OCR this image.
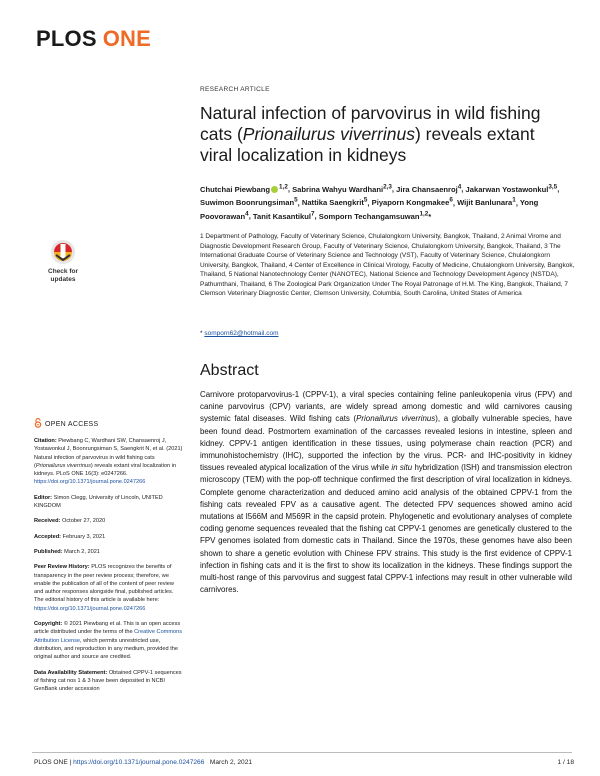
PLOS ONE
RESEARCH ARTICLE
Natural infection of parvovirus in wild fishing cats (Prionailurus viverrinus) reveals extant viral localization in kidneys
Chutchai Piewbang $^{1,2}$, Sabrina Wahyu Wardhani$^{2,3}$, Jira Chansaenroj$^4$, Jakarwan Yostawonkul$^{3,5}$, Suwimon Boonrungsiman$^5$, Nattika Saengkrit$^5$, Piyaporn Kongmakee$^6$, Wijit Banlunara$^1$, Yong Poovorawan$^4$, Tanit Kasantikul$^7$, Somporn Techangamsuwan$^{1,2}$*
1 Department of Pathology, Faculty of Veterinary Science, Chulalongkorn University, Bangkok, Thailand, 2 Animal Virome and Diagnostic Development Research Group, Faculty of Veterinary Science, Chulalongkorn University, Bangkok, Thailand, 3 The International Graduate Course of Veterinary Science and Technology (VST), Faculty of Veterinary Science, Chulalongkorn University, Bangkok, Thailand, 4 Center of Excellence in Clinical Virology, Faculty of Medicine, Chulalongkorn University, Bangkok, Thailand, 5 National Nanotechnology Center (NANOTEC), National Science and Technology Development Agency (NSTDA), Pathumthani, Thailand, 6 The Zoological Park Organization Under The Royal Patronage of H.M. The King, Bangkok, Thailand, 7 Clemson Veterinary Diagnostic Center, Clemson University, Columbia, South Carolina, United States of America
* somporn62@hotmail.com
Check for
updates
OPEN ACCESS

Citation: Piewbang C, Wardhani SW, Chansaenroj J, Yostawonkul J, Boonrungsiman S, Saengkrit N, et al. (2021) Natural infection of parvovirus in wild fishing cats (Prionailurus viverrinus) reveals extant viral localization in kidneys. PLoS ONE 16(3): e0247266. https://doi.org/10.1371/journal.pone.0247266

Editor: Simon Clegg, University of Lincoln, UNITED KINGDOM

Received: October 27, 2020

Accepted: February 3, 2021

Published: March 2, 2021

Peer Review History: PLOS recognizes the benefits of transparency in the peer review process; therefore, we enable the publication of all of the content of peer review and author responses alongside final, published articles. The editorial history of this article is available here: https://doi.org/10.1371/journal.pone.0247266

Copyright: © 2021 Piewbang et al. This is an open access article distributed under the terms of the Creative Commons Attribution License, which permits unrestricted use, distribution, and reproduction in any medium, provided the original author and source are credited.

Data Availability Statement: Obtained CPPV-1 sequences of fishing cat nos 1 & 3 have been deposited in NCBI GenBank under accession

Abstract
Carnivore protoparvovirus-1 (CPPV-1), a viral species containing feline panleukopenia virus (FPV) and canine parvovirus (CPV) variants, are widely spread among domestic and wild carnivores causing systemic fatal diseases. Wild fishing cats (Prionailurus viverrinus), a globally vulnerable species, have been found dead. Postmortem examination of the carcasses revealed lesions in intestine, spleen and kidney. CPPV-1 antigen identification in these tissues, using polymerase chain reaction (PCR) and immunohistochemistry (IHC), supported the infection by the virus. PCR- and IHC-positivity in kidney tissues revealed atypical localization of the virus while in situ hybridization (ISH) and transmission electron microscopy (TEM) with the pop-off technique confirmed the first description of viral localization in kidneys. Complete genome characterization and deduced amino acid analysis of the obtained CPPV-1 from the fishing cats revealed FPV as a causative agent. The detected FPV sequences showed amino acid mutations at I566M and M569R in the capsid protein. Phylogenetic and evolutionary analyses of complete coding genome sequences revealed that the fishing cat CPPV-1 genomes are genetically clustered to the FPV genomes isolated from domestic cats in Thailand. Since the 1970s, these genomes have also been shown to share a genetic evolution with Chinese FPV strains. This study is the first evidence of CPPV-1 infection in fishing cats and it is the first to show its localization in the kidneys. These findings support the multi-host range of this parvovirus and suggest fatal CPPV-1 infections may result in other vulnerable wild carnivores.
PLOS ONE | https://doi.org/10.1371/journal.pone.0247266 March 2, 2021	1 / 18
